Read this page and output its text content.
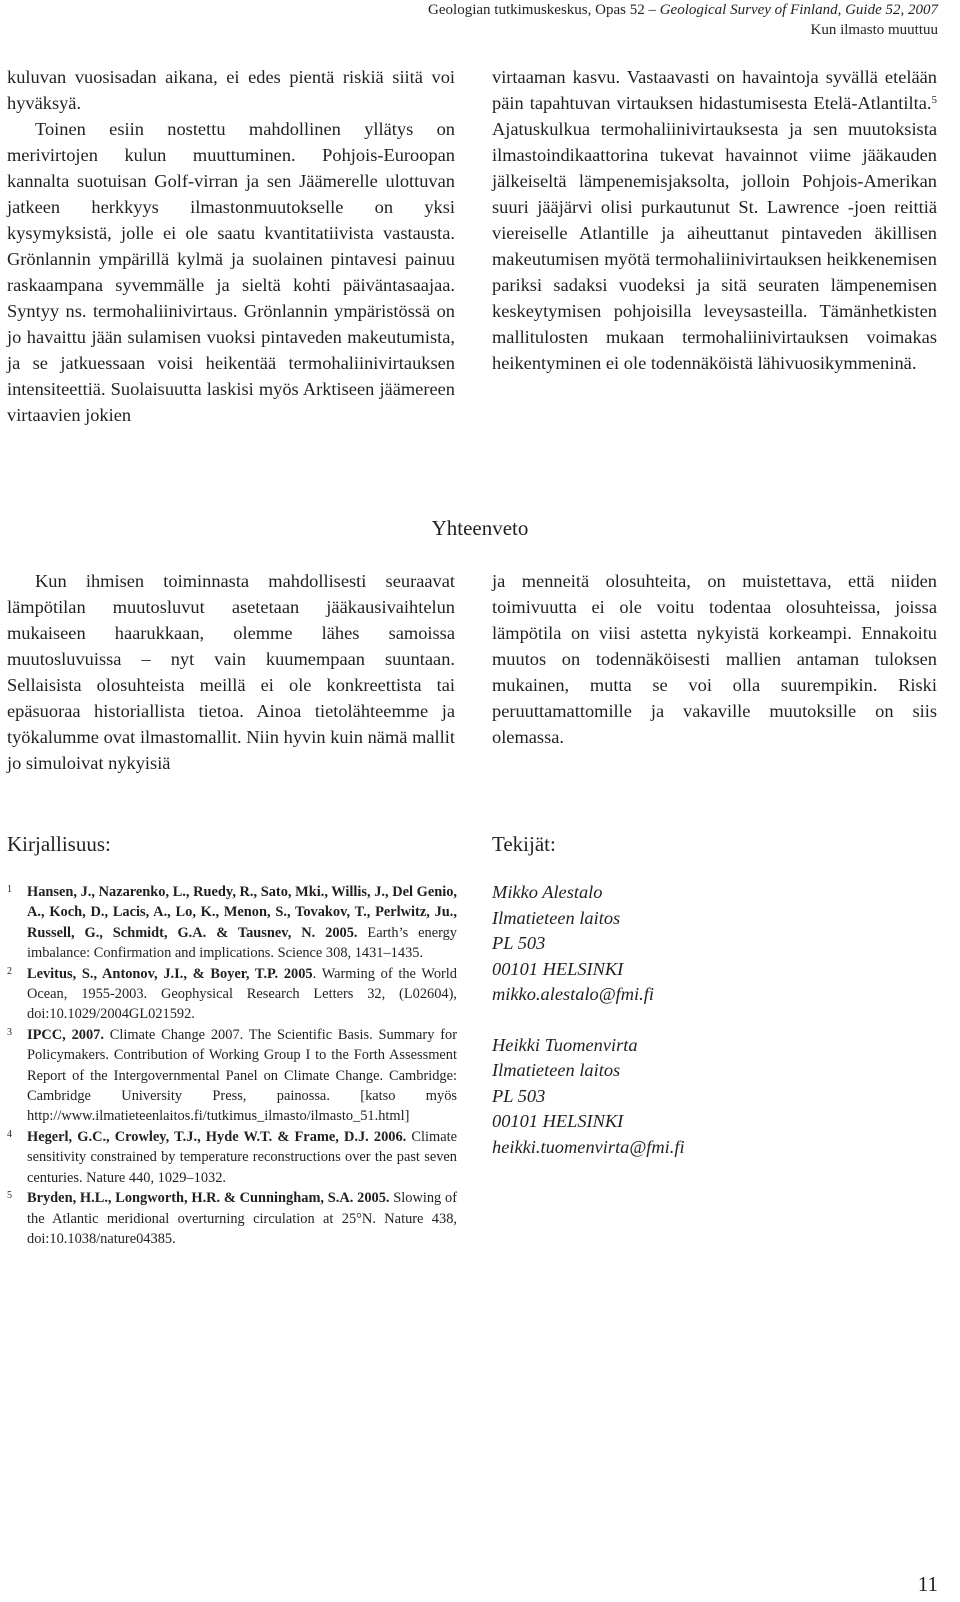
Geologian tutkimuskeskus, Opas 52 – Geological Survey of Finland, Guide 52, 2007
Kun ilmasto muuttuu

kuluvan vuosisadan aikana, ei edes pientä riskiä siitä voi hyväksyä.

Toinen esiin nostettu mahdollinen yllätys on merivirtojen kulun muuttuminen. Pohjois-Euroopan kannalta suotuisan Golf-virran ja sen Jäämerelle ulottuvan jatkeen herkkyys ilmastonmuutokselle on yksi kysymyksistä, jolle ei ole saatu kvantitatiivista vastausta. Grönlannin ympärillä kylmä ja suolainen pintavesi painuu raskaampana syvemmälle ja sieltä kohti päiväntasaajaa. Syntyy ns. termohaliinivirtaus. Grönlannin ympäristössä on jo havaittu jään sulamisen vuoksi pintaveden makeutumista, ja se jatkuessaan voisi heikentää termohaliinivirtauksen intensiteettiä. Suolaisuutta laskisi myös Arktiseen jäämereen virtaavien jokien

virtaaman kasvu. Vastaavasti on havaintoja syvällä etelään päin tapahtuvan virtauksen hidastumisesta Etelä-Atlantilta.$^5$ Ajatuskulkua termohaliinivirtauksesta ja sen muutoksista ilmastoindikaattorina tukevat havainnot viime jääkauden jälkeiseltä lämpenemisjaksolta, jolloin Pohjois-Amerikan suuri jääjärvi olisi purkautunut St. Lawrence -joen reittiä viereiselle Atlantille ja aiheuttanut pintaveden äkillisen makeutumisen myötä termohaliinivirtauksen heikkenemisen pariksi sadaksi vuodeksi ja sitä seuraten lämpenemisen keskeytymisen pohjoisilla leveysasteilla. Tämänhetkisten mallitulosten mukaan termohaliinivirtauksen voimakas heikentyminen ei ole todennäköistä lähivuosikymmeninä.

Yhteenveto

Kun ihmisen toiminnasta mahdollisesti seuraavat lämpötilan muutosluvut asetetaan jääkausivaihtelun mukaiseen haarukkaan, olemme lähes samoissa muutosluvuissa – nyt vain kuumempaan suuntaan. Sellaisista olosuhteista meillä ei ole konkreettista tai epäsuoraa historiallista tietoa. Ainoa tietolähteemme ja työkalumme ovat ilmastomallit. Niin hyvin kuin nämä mallit jo simuloivat nykyisiä

ja menneitä olosuhteita, on muistettava, että niiden toimivuutta ei ole voitu todentaa olosuhteissa, joissa lämpötila on viisi astetta nykyistä korkeampi. Ennakoitu muutos on todennäköisesti mallien antaman tuloksen mukainen, mutta se voi olla suurempikin. Riski peruuttamattomille ja vakaville muutoksille on siis olemassa.

Kirjallisuus:

1 Hansen, J., Nazarenko, L., Ruedy, R., Sato, Mki., Willis, J., Del Genio, A., Koch, D., Lacis, A., Lo, K., Menon, S., Tovakov, T., Perlwitz, Ju., Russell, G., Schmidt, G.A. & Tausnev, N. 2005. Earth’s energy imbalance: Confirmation and implications. Science 308, 1431–1435.

2 Levitus, S., Antonov, J.I., & Boyer, T.P. 2005. Warming of the World Ocean, 1955-2003. Geophysical Research Letters 32, (L02604), doi:10.1029/2004GL021592.

3 IPCC, 2007. Climate Change 2007. The Scientific Basis. Summary for Policymakers. Contribution of Working Group I to the Forth Assessment Report of the Intergovernmental Panel on Climate Change. Cambridge: Cambridge University Press, painossa. [katso myös http://www.ilmatieteenlaitos.fi/tutkimus_ilmasto/ilmasto_51.html]

4 Hegerl, G.C., Crowley, T.J., Hyde W.T. & Frame, D.J. 2006. Climate sensitivity constrained by temperature reconstructions over the past seven centuries. Nature 440, 1029–1032.

5 Bryden, H.L., Longworth, H.R. & Cunningham, S.A. 2005. Slowing of the Atlantic meridional overturning circulation at 25°N. Nature 438, doi:10.1038/nature04385.

Tekijät:

Mikko Alestalo
Ilmatieteen laitos
PL 503
00101 HELSINKI
mikko.alestalo@fmi.fi

Heikki Tuomenvirta
Ilmatieteen laitos
PL 503
00101 HELSINKI
heikki.tuomenvirta@fmi.fi

11
